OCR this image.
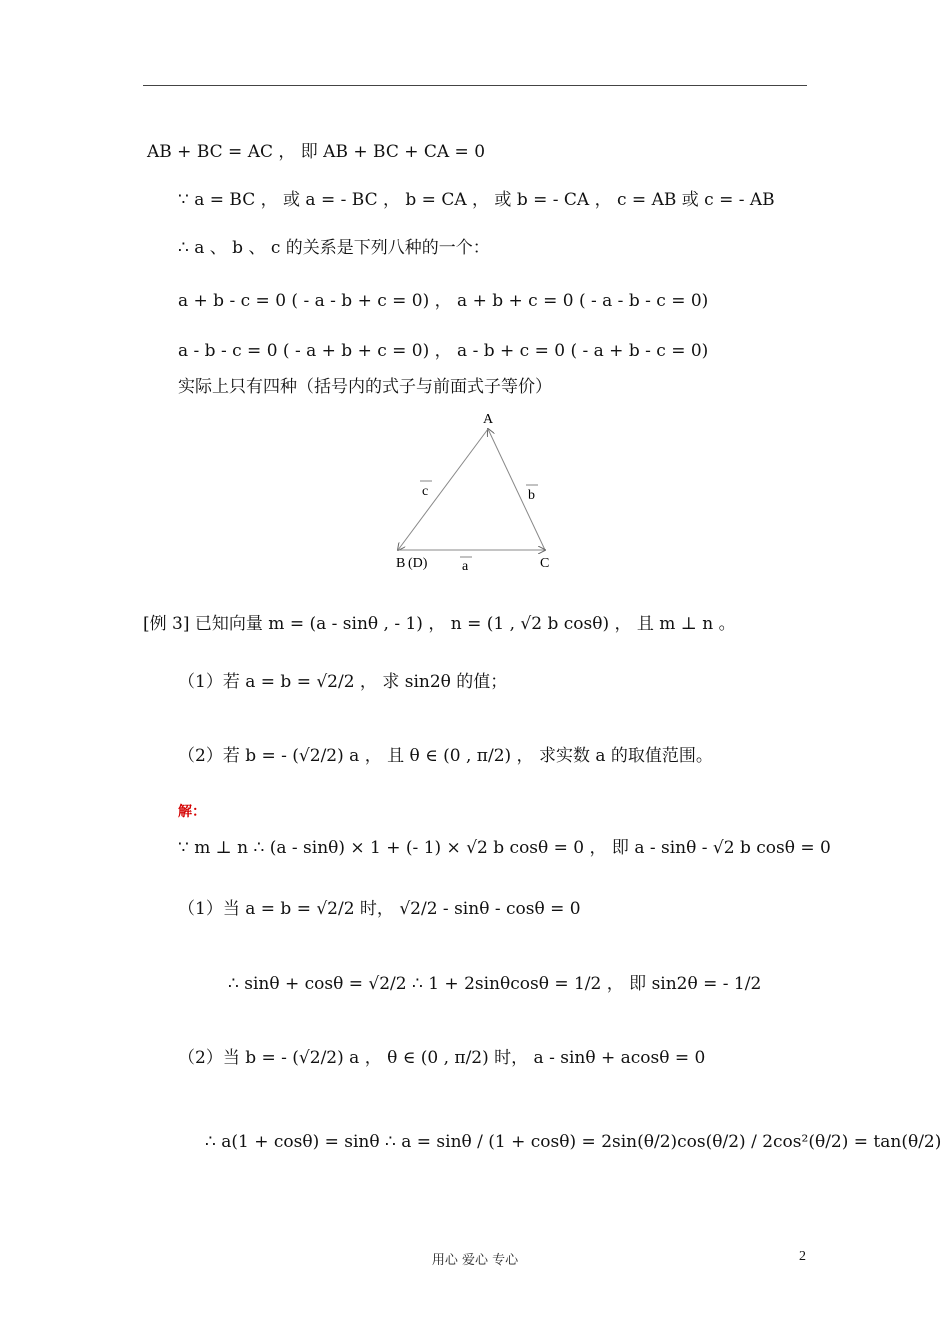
AB + BC = AC ， 即 AB + BC + CA = 0
∵ a = BC ， 或 a = - BC ， b = CA ， 或 b = - CA ， c = AB 或 c = - AB
∴ a 、 b 、 c 的关系是下列八种的一个：
a + b - c = 0 ( - a - b + c = 0) ， a + b + c = 0 ( - a - b - c = 0)
a - b - c = 0 ( - a + b + c = 0) ， a - b + c = 0 ( - a + b - c = 0)
实际上只有四种（括号内的式子与前面式子等价）
[例 3] 已知向量 m = (a - sinθ , - 1) ， n = (1 , √2 b cosθ) ， 且 m ⊥ n 。
（1）若 a = b = √2/2 ， 求 sin2θ 的值；
（2）若 b = - (√2/2) a ， 且 θ ∈ (0 , π/2) ， 求实数 a 的取值范围。
解：
∵ m ⊥ n ∴ (a - sinθ) × 1 + (- 1) × √2 b cosθ = 0 ， 即 a - sinθ - √2 b cosθ = 0
（1）当 a = b = √2/2 时， √2/2 - sinθ - cosθ = 0
∴ sinθ + cosθ = √2/2 ∴ 1 + 2sinθcosθ = 1/2 ， 即 sin2θ = - 1/2
（2）当 b = - (√2/2) a ， θ ∈ (0 , π/2) 时， a - sinθ + acosθ = 0
∴ a(1 + cosθ) = sinθ ∴ a = sinθ / (1 + cosθ) = 2sin(θ/2)cos(θ/2) / 2cos²(θ/2) = tan(θ/2)
A
B (D)	C
c	b
a
用心 爱心 专心	2
